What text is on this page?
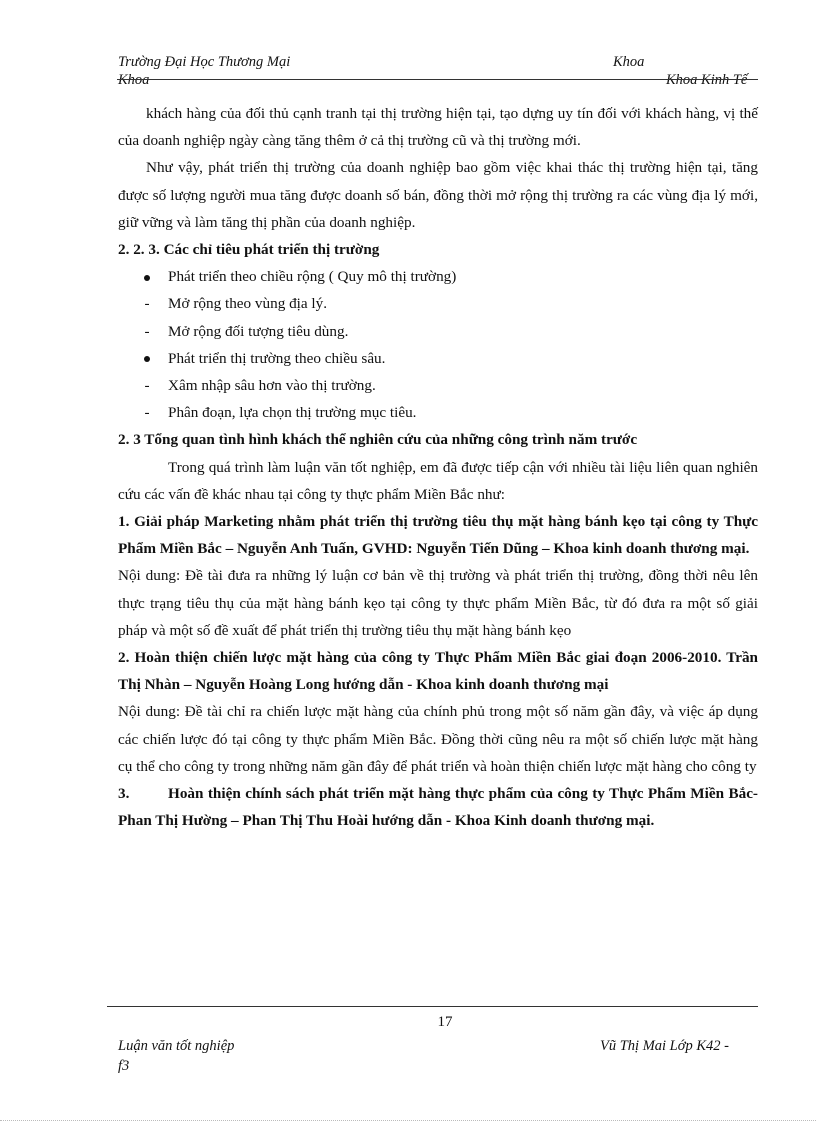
Trường Đại Học Thương Mại	Khoa
Khoa	Khoa Kinh Tế

khách hàng của đối thủ cạnh tranh tại thị trường hiện tại, tạo dựng uy tín đối với khách hàng, vị thế của doanh nghiệp ngày càng tăng thêm ở cả thị trường cũ và thị trường mới.

Như vậy, phát triển thị trường của doanh nghiệp bao gồm việc khai thác thị trường hiện tại, tăng được số lượng người mua tăng được doanh số bán, đồng thời mở rộng thị trường ra các vùng địa lý mới, giữ vững và làm tăng thị phần của doanh nghiệp.

2. 2. 3. Các chỉ tiêu phát triển thị trường

Phát triển theo chiều rộng ( Quy mô thị trường)
- Mở rộng theo vùng địa lý.
- Mở rộng đối tượng tiêu dùng.
Phát triển thị trường theo chiều sâu.
- Xâm nhập sâu hơn vào thị trường.
- Phân đoạn, lựa chọn thị trường mục tiêu.

2. 3 Tổng quan tình hình khách thể nghiên cứu của những công trình năm trước

Trong quá trình làm luận văn tốt nghiệp, em đã được tiếp cận với nhiều tài liệu liên quan nghiên cứu các vấn đề khác nhau tại công ty thực phẩm Miền Bắc như:

1. Giải pháp Marketing nhằm phát triển thị trường tiêu thụ mặt hàng bánh kẹo tại công ty Thực Phẩm Miền Bắc – Nguyễn Anh Tuấn, GVHD: Nguyễn Tiến Dũng – Khoa kinh doanh thương mại.

Nội dung: Đề tài đưa ra những lý luận cơ bản về thị trường và phát triển thị trường, đồng thời nêu lên thực trạng tiêu thụ của mặt hàng bánh kẹo tại công ty thực phẩm Miền Bắc, từ đó đưa ra một số giải pháp và một số đề xuất để phát triển thị trường tiêu thụ mặt hàng bánh kẹo

2. Hoàn thiện chiến lược mặt hàng của công ty Thực Phẩm Miền Bắc giai đoạn 2006-2010. Trần Thị Nhàn – Nguyễn Hoàng Long hướng dẫn - Khoa kinh doanh thương mại

Nội dung: Đề tài chỉ ra chiến lược mặt hàng của chính phủ trong một số năm gần đây, và việc áp dụng các chiến lược đó tại công ty thực phẩm Miền Bắc. Đồng thời cũng nêu ra một số chiến lược mặt hàng cụ thể cho công ty trong những năm gần đây để phát triển và hoàn thiện chiến lược mặt hàng cho công ty

3.	Hoàn thiện chính sách phát triển mặt hàng thực phẩm của công ty Thực Phẩm Miền Bắc- Phan Thị Hường – Phan Thị Thu Hoài hướng dẫn - Khoa Kinh doanh thương mại.

17
Luận văn tốt nghiệp
f3
Vũ Thị Mai Lớp K42 -
